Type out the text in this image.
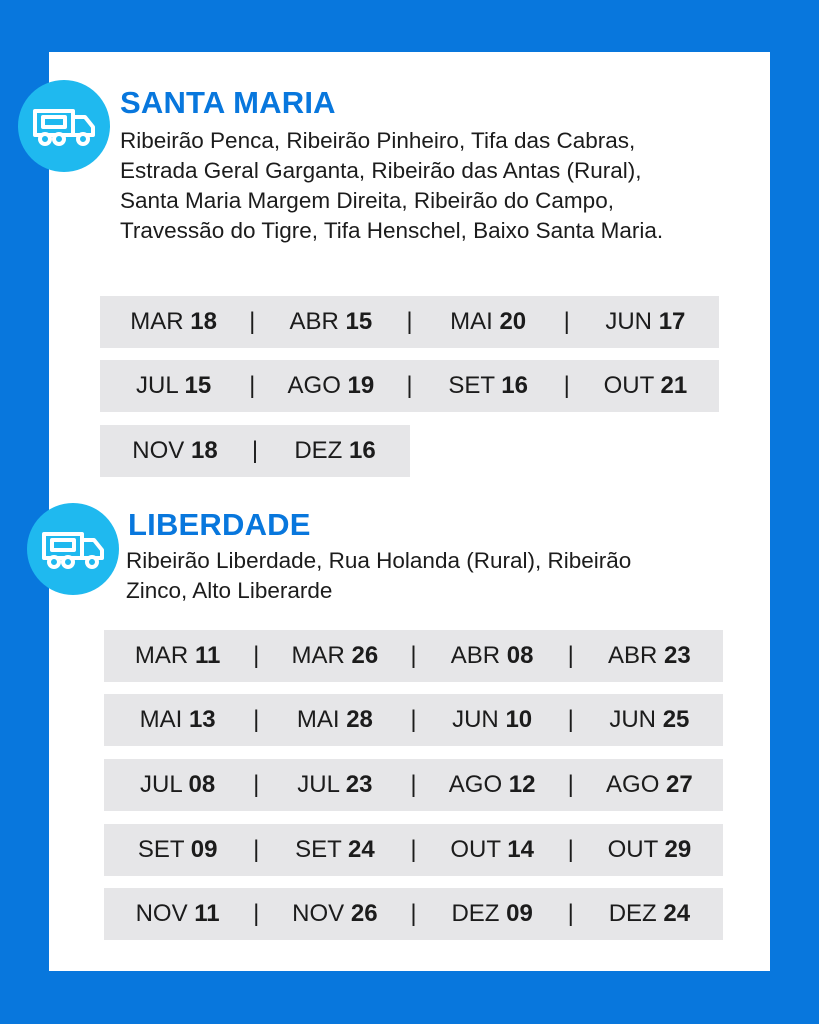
SANTA MARIA

Ribeirão Penca, Ribeirão Pinheiro, Tifa das Cabras, Estrada Geral Garganta, Ribeirão das Antas (Rural), Santa Maria Margem Direita, Ribeirão do Campo, Travessão do Tigre, Tifa Henschel, Baixo Santa Maria.

MAR 18	|	ABR 15	|	MAI 20	|	JUN 17
JUL 15	|	AGO 19	|	SET 16	|	OUT 21
NOV 18	|	DEZ 16
LIBERDADE

Ribeirão Liberdade, Rua Holanda (Rural), Ribeirão Zinco, Alto Liberarde

MAR 11	|	MAR 26	|	ABR 08	|	ABR 23
MAI 13	|	MAI 28	|	JUN 10	|	JUN 25
JUL 08	|	JUL 23	|	AGO 12	|	AGO 27
SET 09	|	SET 24	|	OUT 14	|	OUT 29
NOV 11	|	NOV 26	|	DEZ 09	|	DEZ 24
